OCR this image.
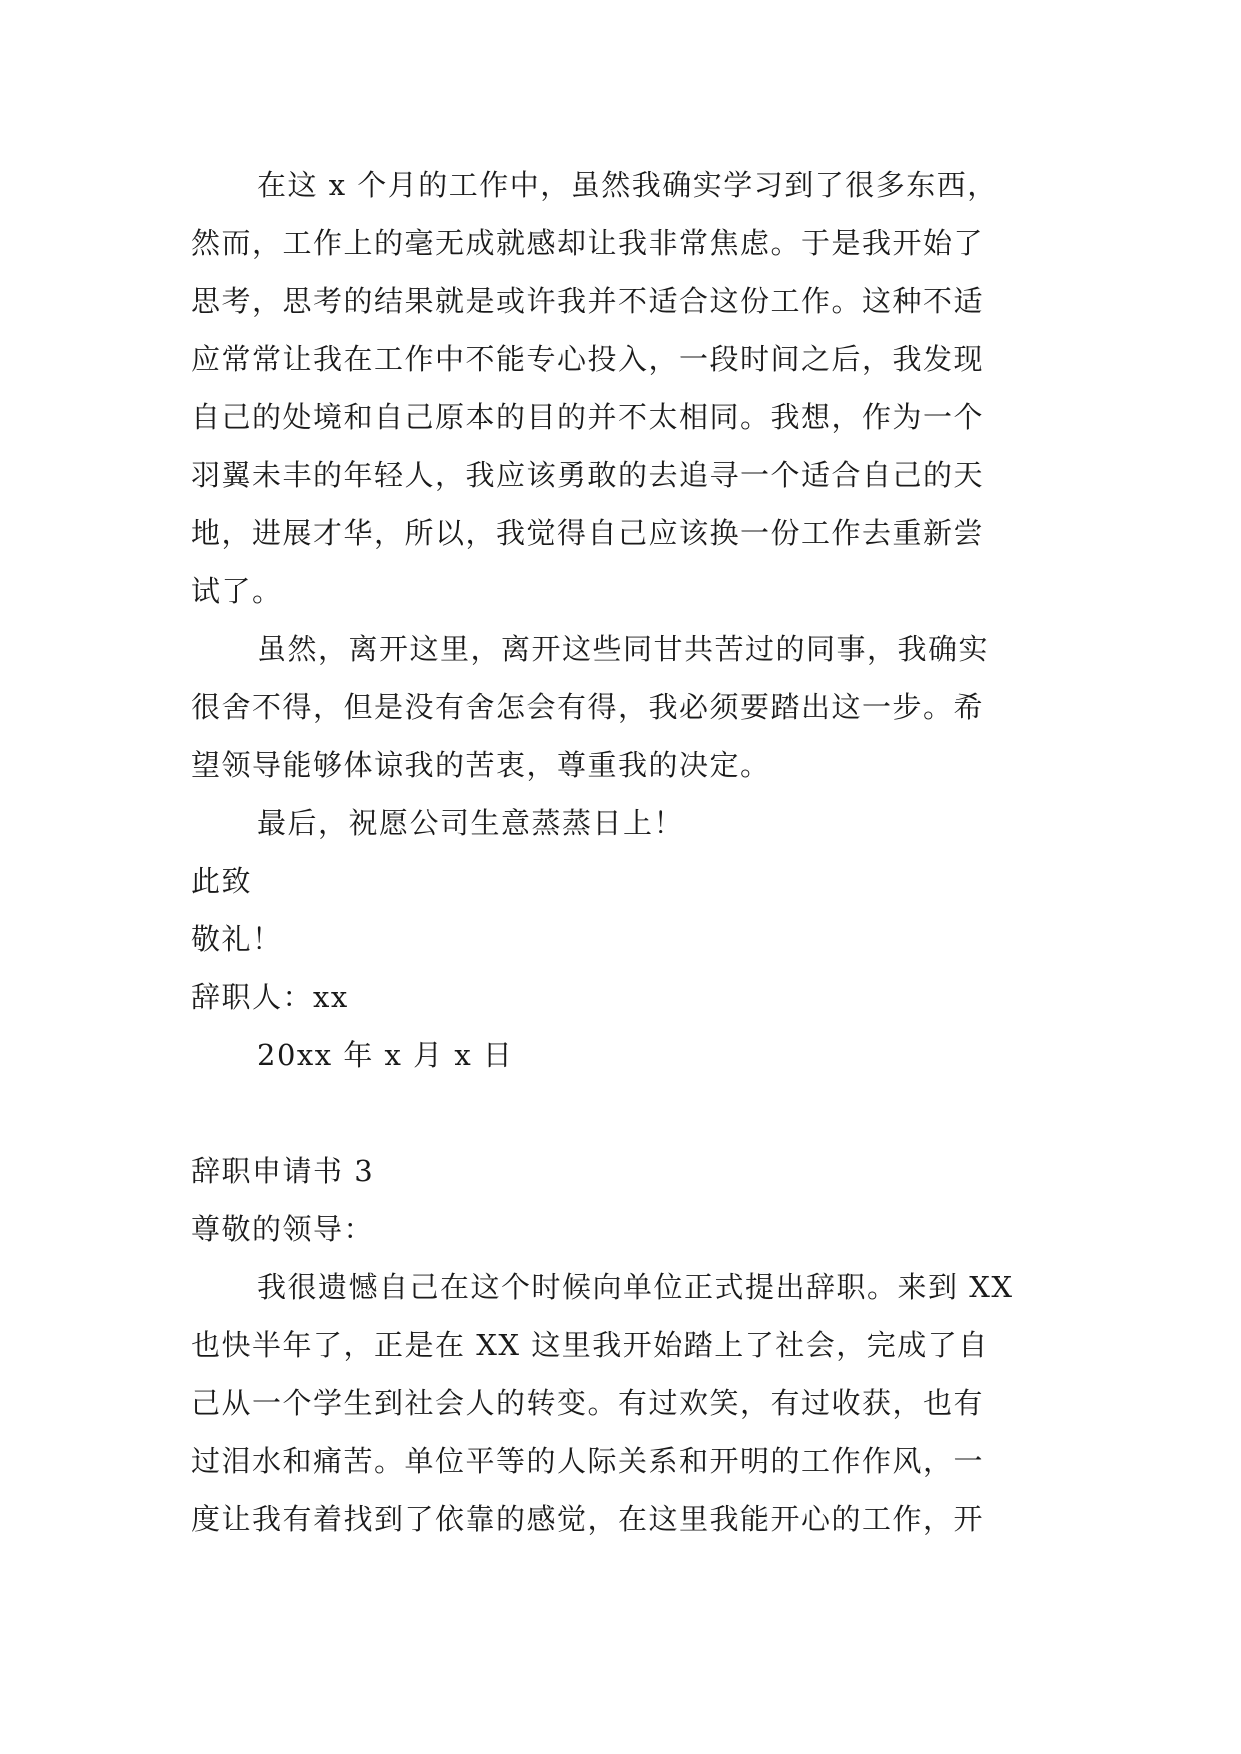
在这 x 个月的工作中，虽然我确实学习到了很多东西，
然而，工作上的毫无成就感却让我非常焦虑。于是我开始了
思考，思考的结果就是或许我并不适合这份工作。这种不适
应常常让我在工作中不能专心投入，一段时间之后，我发现
自己的处境和自己原本的目的并不太相同。我想，作为一个
羽翼未丰的年轻人，我应该勇敢的去追寻一个适合自己的天
地，进展才华，所以，我觉得自己应该换一份工作去重新尝
试了。
虽然，离开这里，离开这些同甘共苦过的同事，我确实
很舍不得，但是没有舍怎会有得，我必须要踏出这一步。希
望领导能够体谅我的苦衷，尊重我的决定。
最后，祝愿公司生意蒸蒸日上！
此致
敬礼！
辞职人：xx
20xx 年 x 月 x 日
辞职申请书 3
尊敬的领导：
我很遗憾自己在这个时候向单位正式提出辞职。来到 XX
也快半年了，正是在 XX 这里我开始踏上了社会，完成了自
己从一个学生到社会人的转变。有过欢笑，有过收获，也有
过泪水和痛苦。单位平等的人际关系和开明的工作作风，一
度让我有着找到了依靠的感觉，在这里我能开心的工作，开
